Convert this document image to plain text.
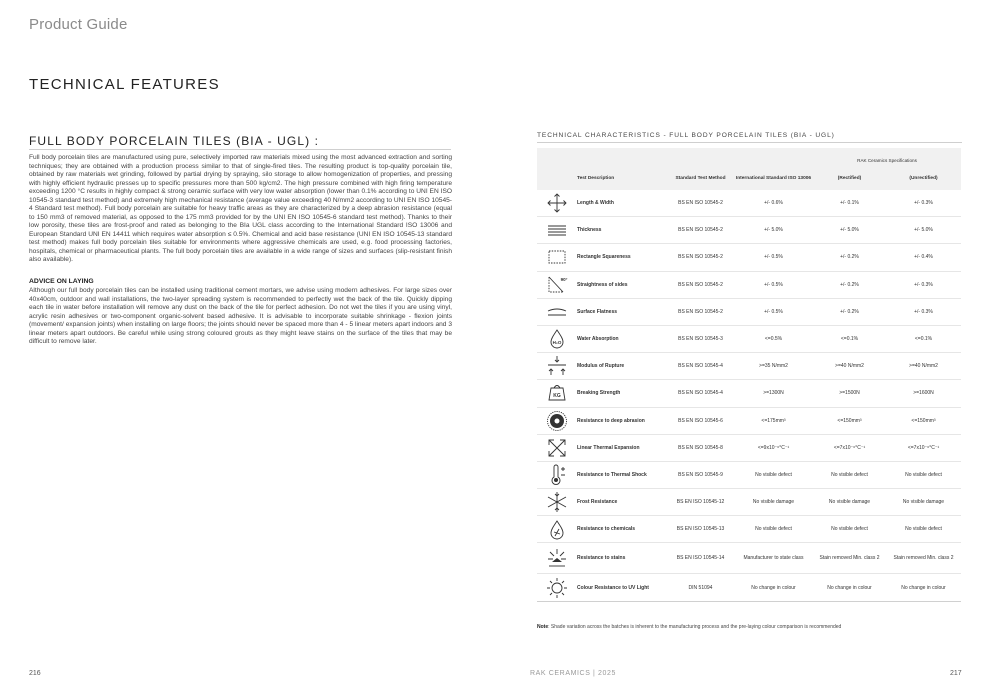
Product Guide
TECHNICAL FEATURES
FULL BODY PORCELAIN TILES (BIA - UGL) :
Full body porcelain tiles are manufactured using pure, selectively imported raw materials mixed using the most advanced extraction and sorting techniques; they are obtained with a production process similar to that of single-fired tiles. The resulting product is top-quality porcelain tile, obtained by raw materials wet grinding, followed by partial drying by spraying, silo storage to allow homogenization of properties, and pressing with highly efficient hydraulic presses up to specific pressures more than 500 kg/cm2. The high pressure combined with high firing temperature exceeding 1200 °C results in highly compact & strong ceramic surface with very low water absorption (lower than 0.1% according to UNI EN ISO 10545-3 standard test method) and extremely high mechanical resistance (average value exceeding 40 N/mm2 according to UNI EN ISO 10545-4 Standard test method). Full body porcelain are suitable for heavy traffic areas as they are characterized by a deep abrasion resistance (equal to 150 mm3 of removed material, as opposed to the 175 mm3 provided for by the UNI EN ISO 10545-6 standard test method). Thanks to their low porosity, these tiles are frost-proof and rated as belonging to the BIa UGL class according to the International Standard ISO 13006 and European Standard UNI EN 14411 which requires water absorption ≤ 0.5%. Chemical and acid base resistance (UNI EN ISO 10545-13 standard test method) makes full body porcelain tiles suitable for environments where aggressive chemicals are used, e.g. food processing factories, hospitals, chemical or pharmaceutical plants. The full body porcelain tiles are available in a wide range of sizes and surfaces (slip-resistant finish also available).
ADVICE ON LAYING
Although our full body porcelain tiles can be installed using traditional cement mortars, we advise using modern adhesives. For large sizes over 40x40cm, outdoor and wall installations, the two-layer spreading system is recommended to perfectly wet the back of the tile. Quickly dipping each tile in water before installation will remove any dust on the back of the tile for perfect adhesion. Do not wet the tiles if you are using vinyl, acrylic resin adhesives or two-component organic-solvent based adhesive. It is advisable to incorporate suitable shrinkage - flexion joints (movement/ expansion joints) when installing on large floors; the joints should never be spaced more than 4 - 5 linear meters apart indoors and 3 linear meters apart outdoors. Be careful while using strong coloured grouts as they might leave stains on the surface of the tiles that may be difficult to remove later.
TECHNICAL CHARACTERISTICS - FULL BODY PORCELAIN TILES (BIA - UGL)
				RAK Ceramics Specifications	
	Test Description	Standard Test Method	International Standard ISO 13006	(Rectified)	(Unrectified)

	Length & Width	BS EN ISO 10545-2	+/- 0.6%	+/- 0.1%	+/- 0.3%

	Thickness	BS EN ISO 10545-2	+/- 5.0%	+/- 5.0%	+/- 5.0%

	Rectangle Squareness	BS EN ISO 10545-2	+/- 0.5%	+/- 0.2%	+/- 0.4%

90°	Straightness of sides	BS EN ISO 10545-2	+/- 0.5%	+/- 0.2%	+/- 0.3%

	Surface Flatness	BS EN ISO 10545-2	+/- 0.5%	+/- 0.2%	+/- 0.3%

H₂O	Water Absorption	BS EN ISO 10545-3	<=0.5%	<=0.1%	<=0.1%

	Modulus of Rupture	BS EN ISO 10545-4	>=35 N/mm2	>=40 N/mm2	>=40 N/mm2

KG	Breaking Strength	BS EN ISO 10545-4	>=1300N	>=1500N	>=1600N

	Resistance to deep abrasion	BS EN ISO 10545-6	<=175mm³	<=150mm³	<=150mm³

	Linear Thermal Expansion	BS EN ISO 10545-8	<=9x10⁻⁶°C⁻¹	<=7x10⁻⁶°C⁻¹	<=7x10⁻⁶°C⁻¹

	Resistance to Thermal Shock	BS EN ISO 10545-9	No visible defect	No visible defect	No visible defect

	Frost Resistance	BS EN ISO 10545-12	No visible damage	No visible damage	No visible damage

	Resistance to chemicals	BS EN ISO 10545-13	No visible defect	No visible defect	No visible defect

	Resistance to stains	BS EN ISO 10545-14	Manufacturer to state class	Stain removed Min. class 2	Stain removed Min. class 2

	Colour Resistance to UV Light	DIN 51094	No change in colour	No change in colour	No change in colour
Note: Shade variation across the batches is inherent to the manufacturing process and the pre-laying colour comparison is recommended
216	RAK CERAMICS | 2025	217
